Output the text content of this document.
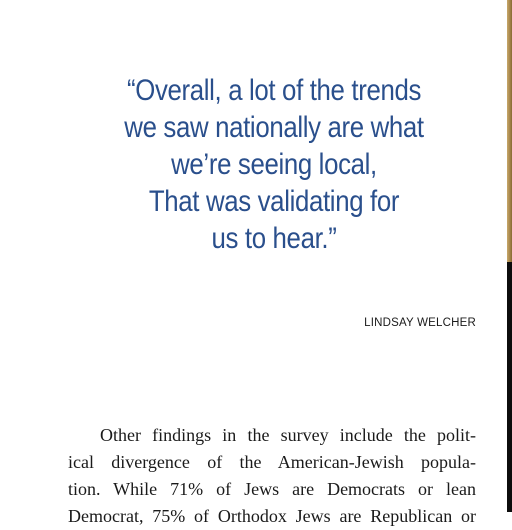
“Overall, a lot of the trends
we saw nationally are what
we’re seeing local,
That was validating for
us to hear.”

LINDSAY WELCHER
Other findings in the survey include the polit-
ical divergence of the American-Jewish popula-
tion. While 71% of Jews are Democrats or lean
Democrat, 75% of Orthodox Jews are Republican or
